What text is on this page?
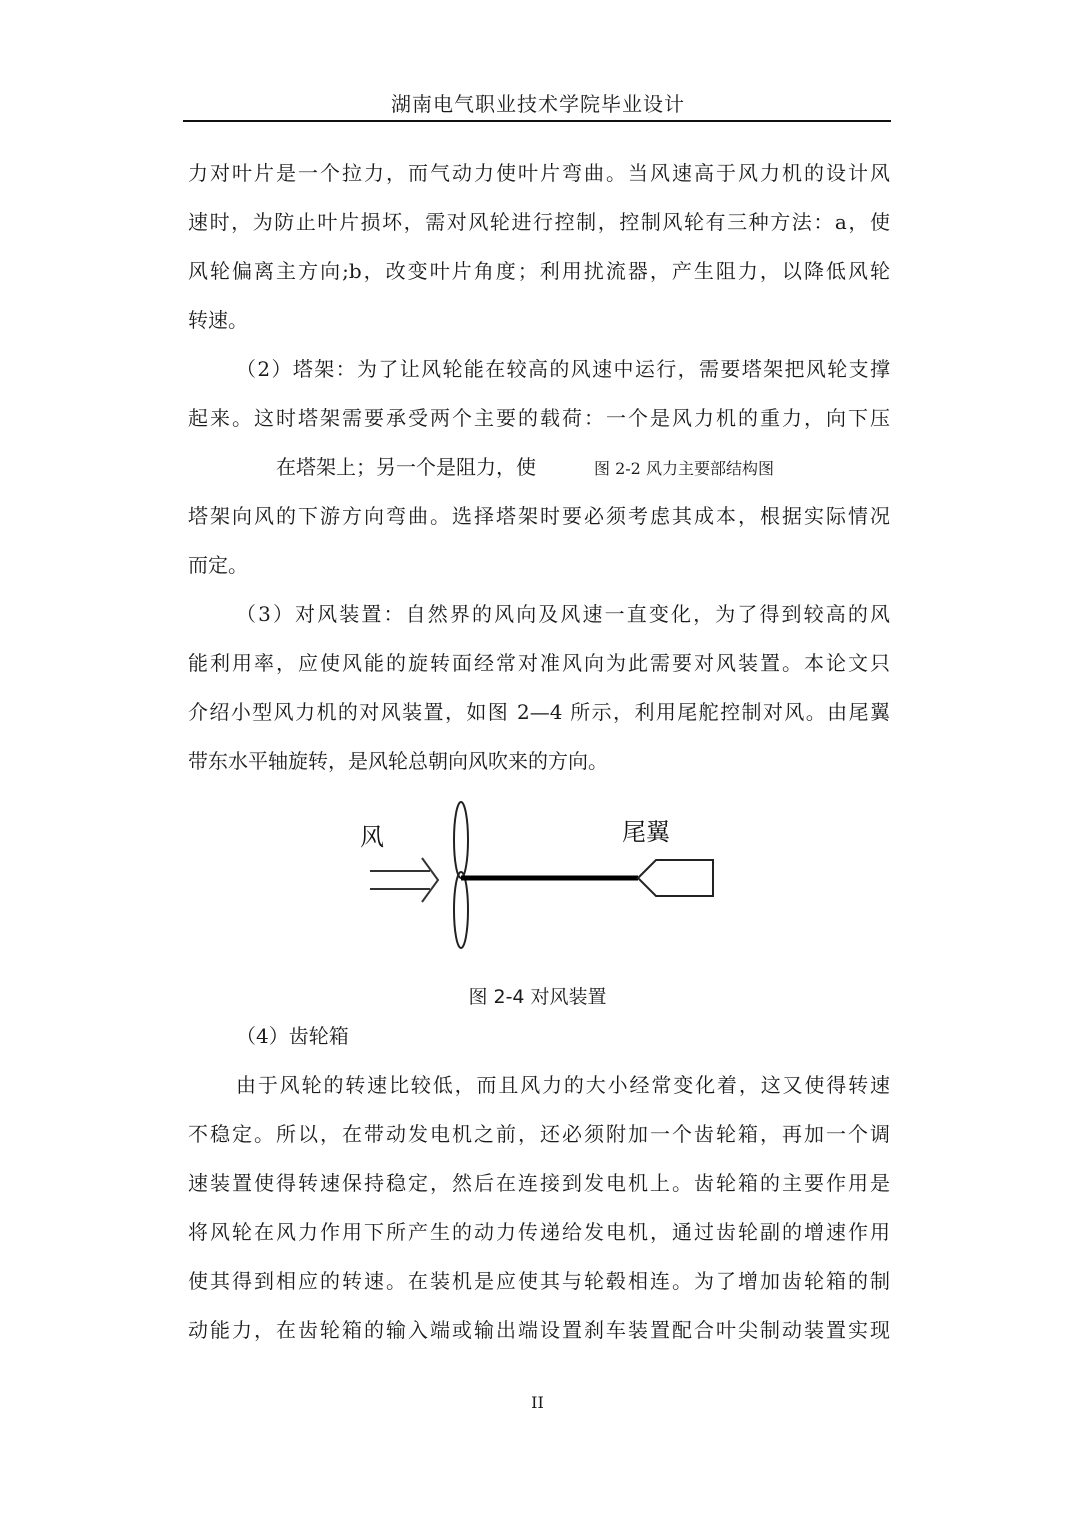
湖南电气职业技术学院毕业设计
力对叶片是一个拉力，而气动力使叶片弯曲。当风速高于风力机的设计风
速时，为防止叶片损坏，需对风轮进行控制，控制风轮有三种方法：a，使
风轮偏离主方向;b，改变叶片角度；利用扰流器，产生阻力，以降低风轮
转速。
（2）塔架：为了让风轮能在较高的风速中运行，需要塔架把风轮支撑
起来。这时塔架需要承受两个主要的载荷：一个是风力机的重力，向下压
在塔架上；另一个是阻力，使	图 2-2 风力主要部结构图
塔架向风的下游方向弯曲。选择塔架时要必须考虑其成本，根据实际情况
而定。
（3）对风装置：自然界的风向及风速一直变化，为了得到较高的风
能利用率，应使风能的旋转面经常对准风向为此需要对风装置。本论文只
介绍小型风力机的对风装置，如图 2—4 所示，利用尾舵控制对风。由尾翼
带东水平轴旋转，是风轮总朝向风吹来的方向。
风	尾翼
图 2-4 对风装置
（4）齿轮箱
由于风轮的转速比较低，而且风力的大小经常变化着，这又使得转速
不稳定。所以，在带动发电机之前，还必须附加一个齿轮箱，再加一个调
速装置使得转速保持稳定，然后在连接到发电机上。齿轮箱的主要作用是
将风轮在风力作用下所产生的动力传递给发电机，通过齿轮副的增速作用
使其得到相应的转速。在装机是应使其与轮毂相连。为了增加齿轮箱的制
动能力，在齿轮箱的输入端或输出端设置刹车装置配合叶尖制动装置实现
II
